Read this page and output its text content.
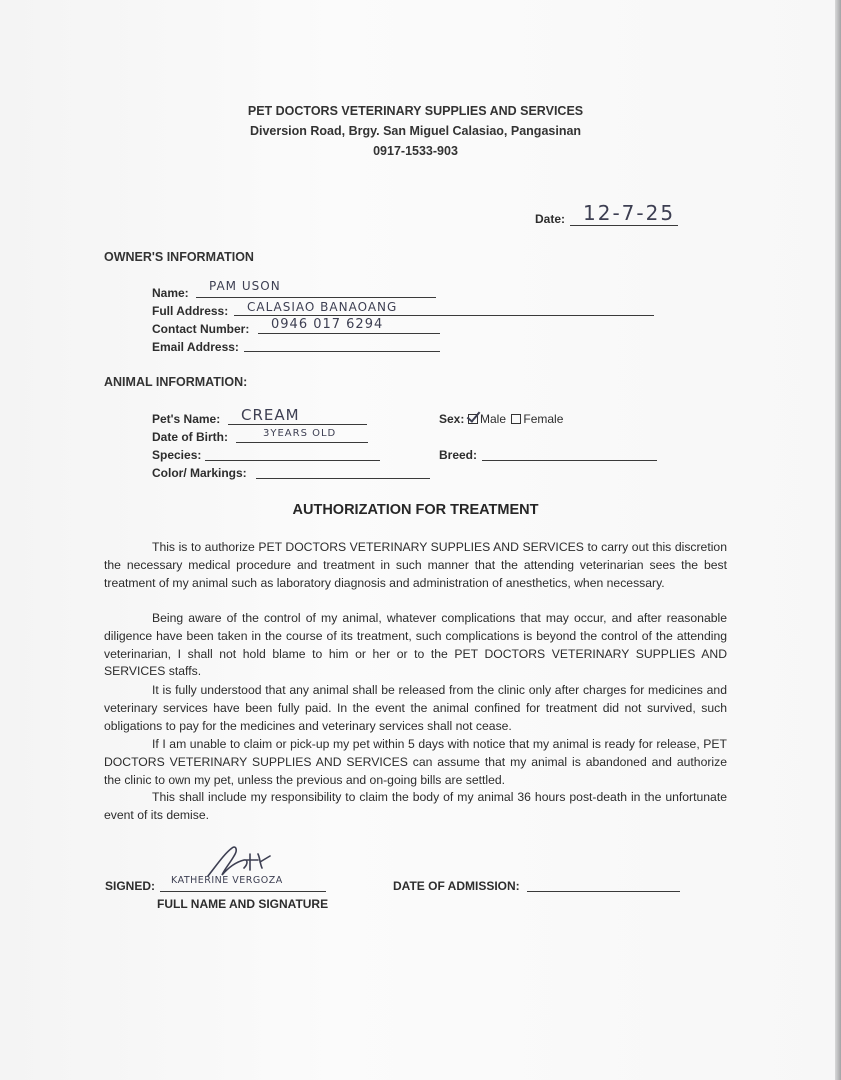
PET DOCTORS VETERINARY SUPPLIES AND SERVICES
Diversion Road, Brgy. San Miguel Calasiao, Pangasinan
0917-1533-903
Date: 12-7-25
OWNER'S INFORMATION
Name: PAM USON
Full Address: CALASIAO BANAOANG
Contact Number: 0946 017 6294
Email Address:
ANIMAL INFORMATION:
Pet's Name: CREAM
Date of Birth:	3YEARS OLD
Species:
Color/ Markings:
Sex:	Male Female
Breed:
AUTHORIZATION FOR TREATMENT

This is to authorize PET DOCTORS VETERINARY SUPPLIES AND SERVICES to carry out this discretion the necessary medical procedure and treatment in such manner that the attending veterinarian sees the best treatment of my animal such as laboratory diagnosis and administration of anesthetics, when necessary.

Being aware of the control of my animal, whatever complications that may occur, and after reasonable diligence have been taken in the course of its treatment, such complications is beyond the control of the attending veterinarian, I shall not hold blame to him or her or to the PET DOCTORS VETERINARY SUPPLIES AND SERVICES staffs.

It is fully understood that any animal shall be released from the clinic only after charges for medicines and veterinary services have been fully paid. In the event the animal confined for treatment did not survived, such obligations to pay for the medicines and veterinary services shall not cease.

If I am unable to claim or pick-up my pet within 5 days with notice that my animal is ready for release, PET DOCTORS VETERINARY SUPPLIES AND SERVICES can assume that my animal is abandoned and authorize the clinic to own my pet, unless the previous and on-going bills are settled.

This shall include my responsibility to claim the body of my animal 36 hours post-death in the unfortunate event of its demise.

SIGNED: KATHERINE VERGOZA
FULL NAME AND SIGNATURE
DATE OF ADMISSION:
